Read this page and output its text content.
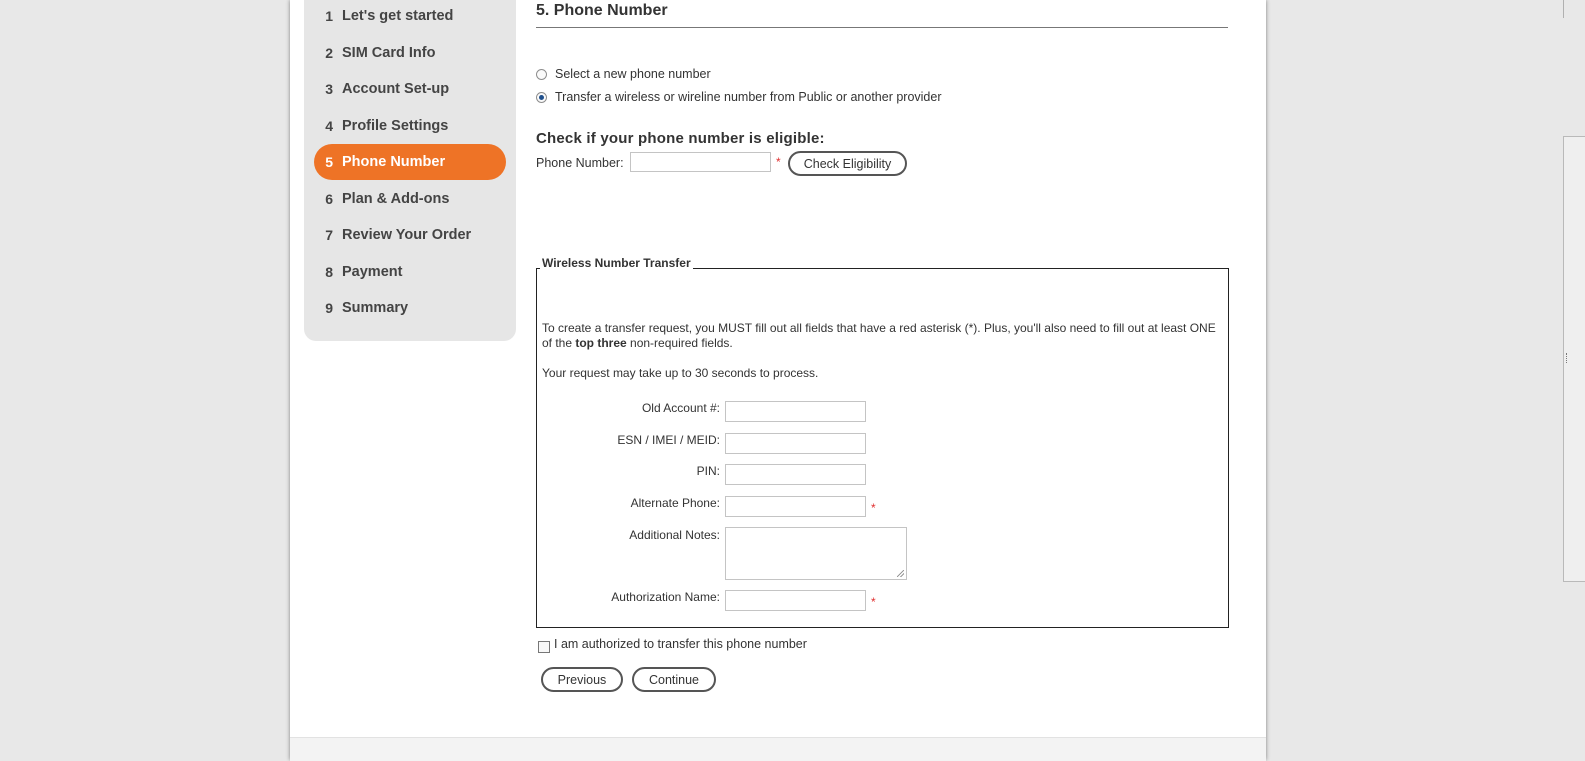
1 Let's get started
2 SIM Card Info
3 Account Set-up
4 Profile Settings
5 Phone Number
6 Plan & Add-ons
7 Review Your Order
8 Payment
9 Summary
5. Phone Number
Select a new phone number
Transfer a wireless or wireline number from Public or another provider
Check if your phone number is eligible:
Phone Number:	*	Check Eligibility
Wireless Number Transfer
To create a transfer request, you MUST fill out all fields that have a red asterisk (*). Plus, you'll also need to fill out at least ONE of the top three non-required fields.
Your request may take up to 30 seconds to process.
Old Account #:
ESN / IMEI / MEID:
PIN:
Alternate Phone:	*
Additional Notes:
Authorization Name:	*
I am authorized to transfer this phone number
Previous	Continue
